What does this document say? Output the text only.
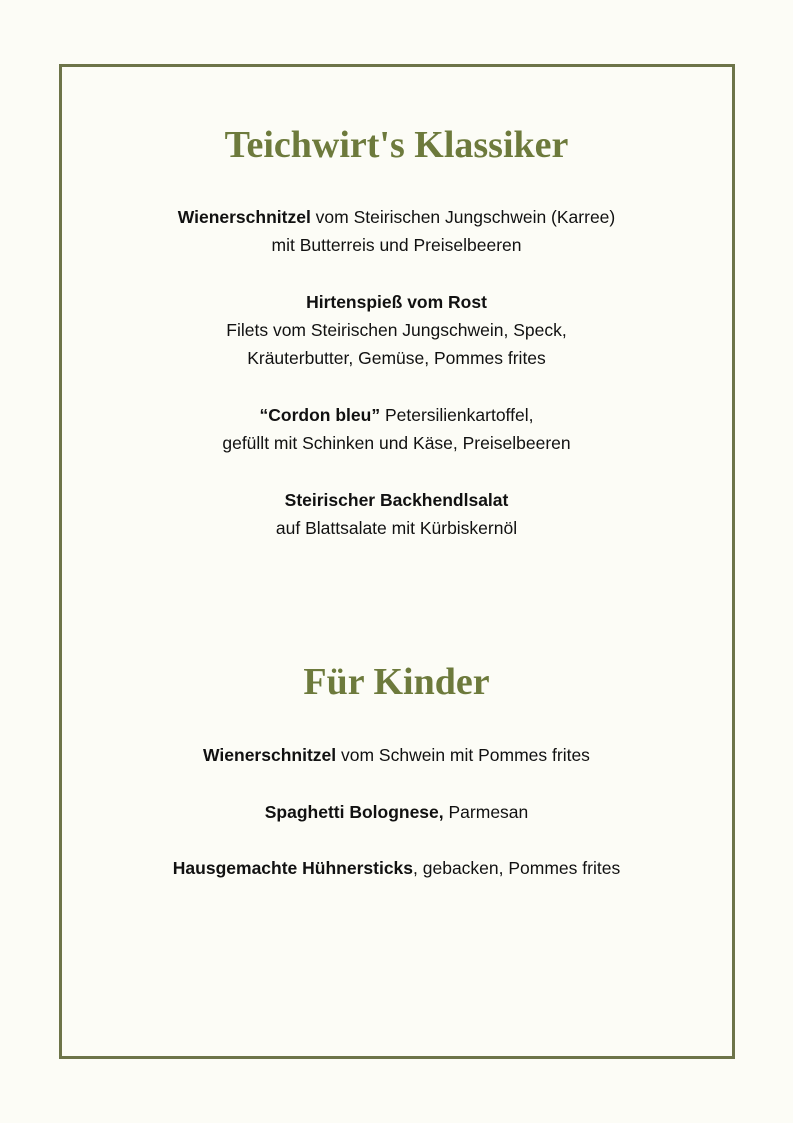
Teichwirt's Klassiker
Wienerschnitzel vom Steirischen Jungschwein (Karree)
mit Butterreis und Preiselbeeren
Hirtenspieß vom Rost
Filets vom Steirischen Jungschwein, Speck,
Kräuterbutter, Gemüse, Pommes frites
“Cordon bleu” Petersilienkartoffel,
gefüllt mit Schinken und Käse, Preiselbeeren
Steirischer Backhendlsalat
auf Blattsalate mit Kürbiskernöl
Für Kinder
Wienerschnitzel vom Schwein mit Pommes frites
Spaghetti Bolognese, Parmesan
Hausgemachte Hühnersticks, gebacken, Pommes frites
